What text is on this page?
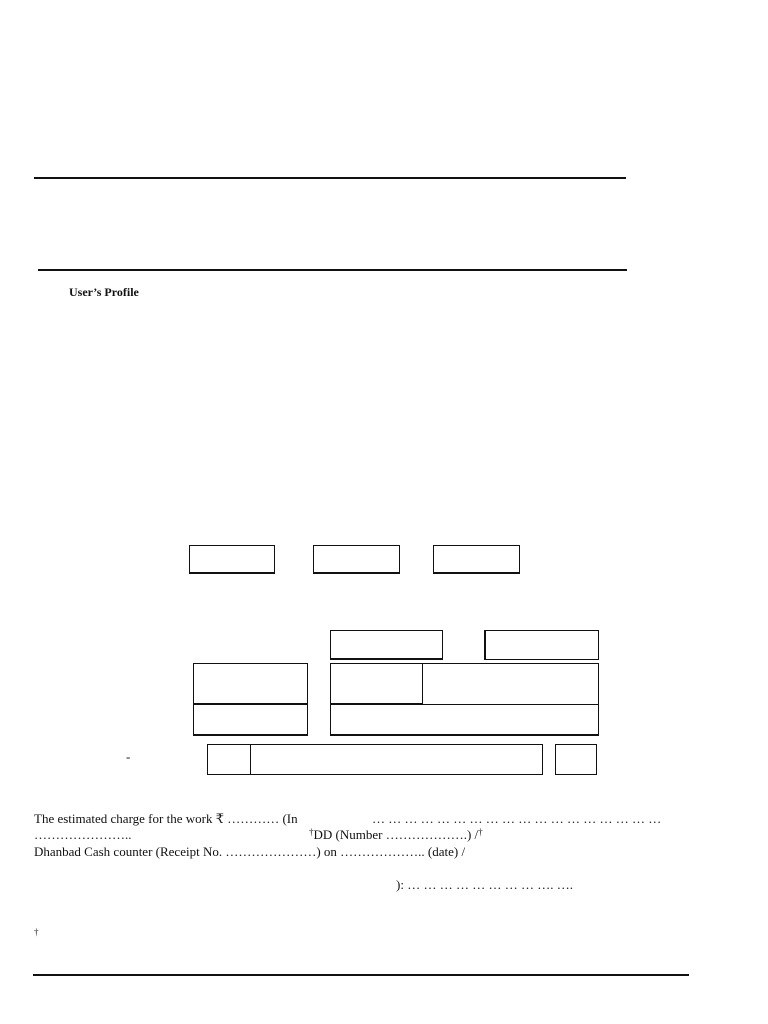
User’s Profile
-
The estimated charge for the work ₹ ………… (In	… … … … … … … … … … … … … … … … … …
…………………..	†DD (Number ……………….) /†
Dhanbad Cash counter (Receipt No. …………………) on ……………….. (date) /
): … … … … … … … … …. ….
†
